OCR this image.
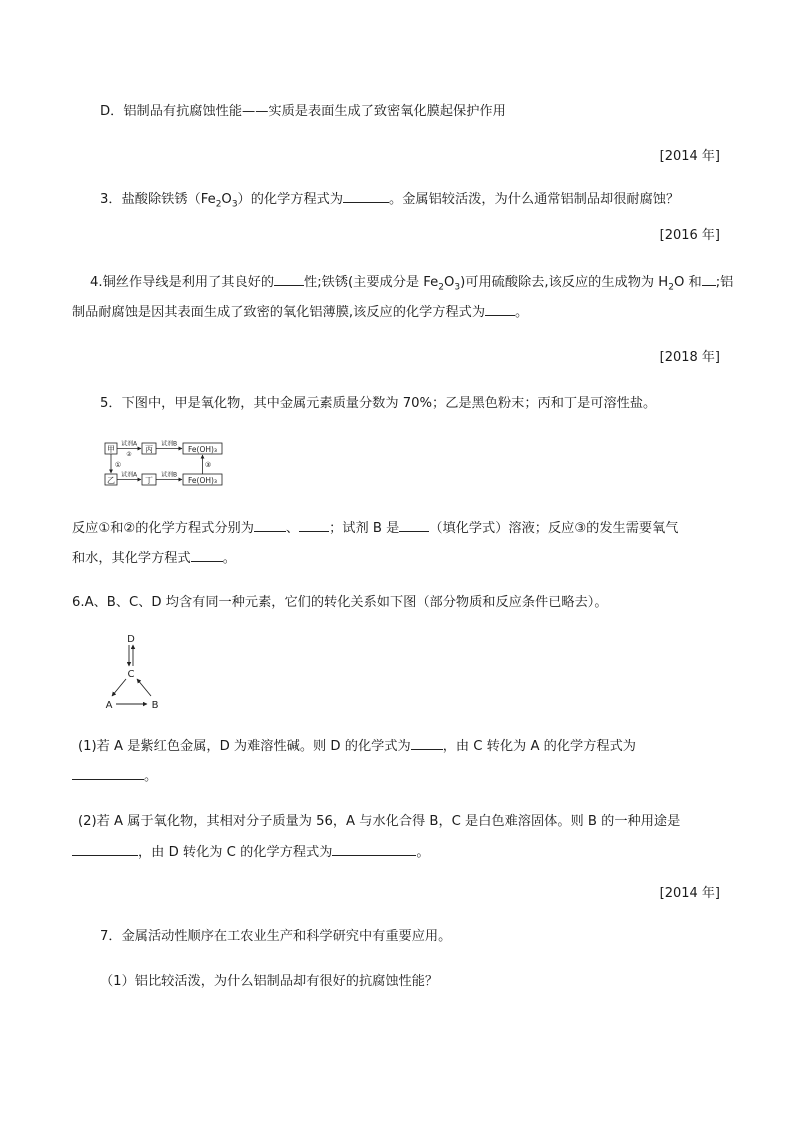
D．铝制品有抗腐蚀性能——实质是表面生成了致密氧化膜起保护作用
[2014 年]
3．盐酸除铁锈$(Fe_2O_3)$的化学方程式为	。金属铝较活泼，为什么通常铝制品却很耐腐蚀？
[2016 年]
4.铜丝作导线是利用了其良好的 性;铁锈(主要成分是 $Fe_2O_3$)可用硫酸除去,该反应的生成物为 $H_2O$ 和 ;铝
制品耐腐蚀是因其表面生成了致密的氧化铝薄膜,该反应的化学方程式为 。
[2018 年]
5．下图中，甲是氧化物，其中金属元素质量分数为 70%；乙是黑色粉末；丙和丁是可溶性盐。
甲	丙	Fe(OH)₃
乙	丁	Fe(OH)₃
试剂A
②
试剂B
试剂A	试剂B
①	③
反应①和②的化学方程式分别为 、 ；试剂 B 是 （填化学式）溶液；反应③的发生需要氧气
和水，其化学方程式 。
6.A、B、C、D 均含有同一种元素，它们的转化关系如下图（部分物质和反应条件已略去）。
D
C
A	B
(1)若 A 是紫红色金属，D 为难溶性碱。则 D 的化学式为 ，由 C 转化为 A 的化学方程式为
。
(2)若 A 属于氧化物，其相对分子质量为 56，A 与水化合得 B，C 是白色难溶固体。则 B 的一种用途是
，由 D 转化为 C 的化学方程式为	。
[2014 年]
7．金属活动性顺序在工农业生产和科学研究中有重要应用。
（1）铝比较活泼，为什么铝制品却有很好的抗腐蚀性能？
